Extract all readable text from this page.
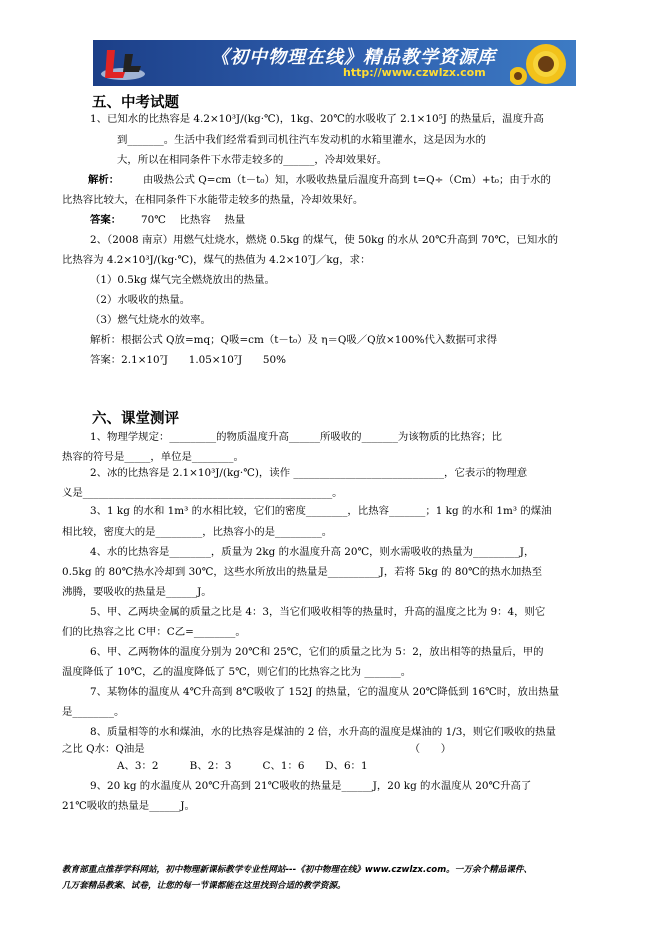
《初中物理在线》精品教学资源库
http://www.czwlzx.com
五、中考试题
1、已知水的比热容是 4.2×10³J/(kg·℃)，1kg、20℃的水吸收了 2.1×10⁵J 的热量后，温度升高
到_______。生活中我们经常看到司机往汽车发动机的水箱里灌水，这是因为水的
大，所以在相同条件下水带走较多的______，冷却效果好。
解析： 由吸热公式 Q=cm（t－t₀）知，水吸收热量后温度升高到 t=Q÷（Cm）+t₀；由于水的
比热容比较大，在相同条件下水能带走较多的热量，冷却效果好。
答案： 70℃　 比热容　 热量
2、（2008 南京）用燃气灶烧水，燃烧 0.5kg 的煤气，使 50kg 的水从 20℃升高到 70℃，已知水的
比热容为 4.2×10³J/(kg·℃)，煤气的热值为 4.2×10⁷J／kg，求：
（1）0.5kg 煤气完全燃烧放出的热量。
（2）水吸收的热量。
（3）燃气灶烧水的效率。
解析：根据公式 Q放=mq；Q吸=cm（t－t₀）及 η＝Q吸／Q放×100%代入数据可求得
答案：2.1×10⁷J　　1.05×10⁷J　　50%
六、课堂测评
1、物理学规定：_________的物质温度升高______所吸收的_______为该物质的比热容；比
热容的符号是_____，单位是________。
2、冰的比热容是 2.1×10³J/(kg·℃)，读作 _____________________________，它表示的物理意
义是________________________________________________。
3、1 kg 的水和 1m³ 的水相比较，它们的密度________，比热容_______；1 kg 的水和 1m³ 的煤油
相比较，密度大的是_________，比热容小的是_________。
4、水的比热容是________，质量为 2kg 的水温度升高 20℃，则水需吸收的热量为_________J，
0.5kg 的 80℃热水冷却到 30℃，这些水所放出的热量是__________J，若将 5kg 的 80℃的热水加热至
沸腾，要吸收的热量是______J。
5、甲、乙两块金属的质量之比是 4：3，当它们吸收相等的热量时，升高的温度之比为 9：4，则它
们的比热容之比 C甲：C乙=________。
6、甲、乙两物体的温度分别为 20℃和 25℃，它们的质量之比为 5：2，放出相等的热量后，甲的
温度降低了 10℃，乙的温度降低了 5℃，则它们的比热容之比为 _______。
7、某物体的温度从 4℃升高到 8℃吸收了 152J 的热量，它的温度从 20℃降低到 16℃时，放出热量
是________。
8、质量相等的水和煤油，水的比热容是煤油的 2 倍，水升高的温度是煤油的 1/3，则它们吸收的热量
之比 Q水：Q油是　　　　　　　　　　　　　　　　　　　　　　　　　　（　　）
A、3：2　　　B、2：3　　　C、1：6　　D、6：1
9、20 kg 的水温度从 20℃升高到 21℃吸收的热量是______J，20 kg 的水温度从 20℃升高了
21℃吸收的热量是______J。
教育部重点推荐学科网站，初中物理新课标教学专业性网站---《初中物理在线》www.czwlzx.com。一万余个精品课件、
几万套精品教案、试卷，让您的每一节课都能在这里找到合适的教学资源。
